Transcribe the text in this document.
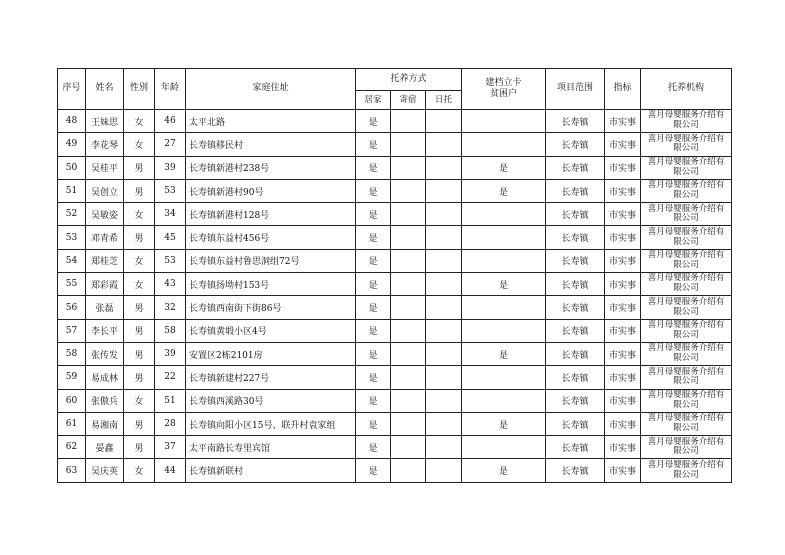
序号	姓名	性别	年龄	家庭住址	托养方式			建档立卡
贫困户	项目范围	指标	托养机构
					居家	寄宿	日托				
48	王妹思	女	46	太平北路	是				长寿镇	市实事	喜月母婴服务介绍有
限公司

49	李花琴	女	27	长寿镇移民村	是				长寿镇	市实事	喜月母婴服务介绍有
限公司

50	吴桂平	男	39	长寿镇新港村238号	是			是	长寿镇	市实事	喜月母婴服务介绍有
限公司

51	吴创立	男	53	长寿镇新港村90号	是			是	长寿镇	市实事	喜月母婴服务介绍有
限公司

52	吴敏姿	女	34	长寿镇新港村128号	是				长寿镇	市实事	喜月母婴服务介绍有
限公司

53	邓青希	男	45	长寿镇东益村456号	是				长寿镇	市实事	喜月母婴服务介绍有
限公司

54	郑桂芝	女	53	长寿镇东益村鲁思洞组72号	是				长寿镇	市实事	喜月母婴服务介绍有
限公司

55	郑彩霞	女	43	长寿镇扬坳村153号	是			是	长寿镇	市实事	喜月母婴服务介绍有
限公司

56	张磊	男	32	长寿镇西南街下街86号	是				长寿镇	市实事	喜月母婴服务介绍有
限公司

57	李长平	男	58	长寿镇黄塅小区4号	是				长寿镇	市实事	喜月母婴服务介绍有
限公司

58	张传发	男	39	安置区2栋2101房	是			是	长寿镇	市实事	喜月母婴服务介绍有
限公司

59	易成林	男	22	长寿镇新建村227号	是				长寿镇	市实事	喜月母婴服务介绍有
限公司

60	张傲兵	女	51	长寿镇西溪路30号	是				长寿镇	市实事	喜月母婴服务介绍有
限公司

61	易湘南	男	28	长寿镇向阳小区15号、联升村袁家组	是			是	长寿镇	市实事	喜月母婴服务介绍有
限公司

62	晏鑫	男	37	太平南路长寿里宾馆	是				长寿镇	市实事	喜月母婴服务介绍有
限公司

63	吴庆英	女	44	长寿镇新联村	是			是	长寿镇	市实事	喜月母婴服务介绍有
限公司
